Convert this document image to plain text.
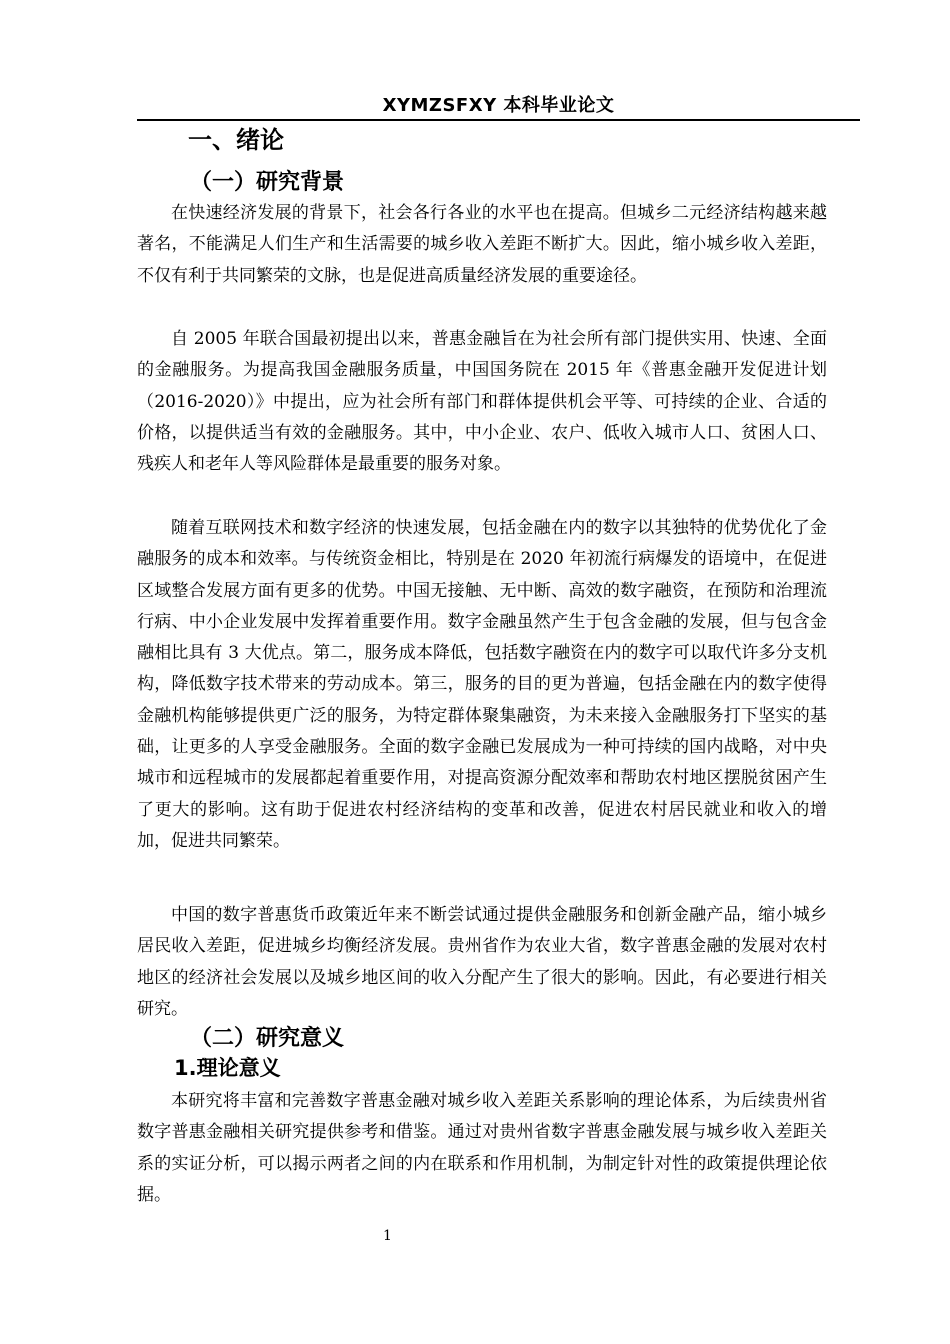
XYMZSFXY 本科毕业论文
一、绪论
（一）研究背景

在快速经济发展的背景下，社会各行各业的水平也在提高。但城乡二元经济结构越来越著名，不能满足人们生产和生活需要的城乡收入差距不断扩大。因此，缩小城乡收入差距，不仅有利于共同繁荣的文脉，也是促进高质量经济发展的重要途径。

自 2005 年联合国最初提出以来，普惠金融旨在为社会所有部门提供实用、快速、全面的金融服务。为提高我国金融服务质量，中国国务院在 2015 年《普惠金融开发促进计划（2016-2020）》中提出，应为社会所有部门和群体提供机会平等、可持续的企业、合适的价格，以提供适当有效的金融服务。其中，中小企业、农户、低收入城市人口、贫困人口、残疾人和老年人等风险群体是最重要的服务对象。

随着互联网技术和数字经济的快速发展，包括金融在内的数字以其独特的优势优化了金融服务的成本和效率。与传统资金相比，特别是在 2020 年初流行病爆发的语境中，在促进区域整合发展方面有更多的优势。中国无接触、无中断、高效的数字融资，在预防和治理流行病、中小企业发展中发挥着重要作用。数字金融虽然产生于包含金融的发展，但与包含金融相比具有 3 大优点。第二，服务成本降低，包括数字融资在内的数字可以取代许多分支机构，降低数字技术带来的劳动成本。第三，服务的目的更为普遍，包括金融在内的数字使得金融机构能够提供更广泛的服务，为特定群体聚集融资，为未来接入金融服务打下坚实的基础，让更多的人享受金融服务。全面的数字金融已发展成为一种可持续的国内战略，对中央城市和远程城市的发展都起着重要作用，对提高资源分配效率和帮助农村地区摆脱贫困产生了更大的影响。这有助于促进农村经济结构的变革和改善，促进农村居民就业和收入的增加，促进共同繁荣。

中国的数字普惠货币政策近年来不断尝试通过提供金融服务和创新金融产品，缩小城乡居民收入差距，促进城乡均衡经济发展。贵州省作为农业大省，数字普惠金融的发展对农村地区的经济社会发展以及城乡地区间的收入分配产生了很大的影响。因此，有必要进行相关研究。

（二）研究意义
1.理论意义

本研究将丰富和完善数字普惠金融对城乡收入差距关系影响的理论体系，为后续贵州省数字普惠金融相关研究提供参考和借鉴。通过对贵州省数字普惠金融发展与城乡收入差距关系的实证分析，可以揭示两者之间的内在联系和作用机制，为制定针对性的政策提供理论依据。

1
